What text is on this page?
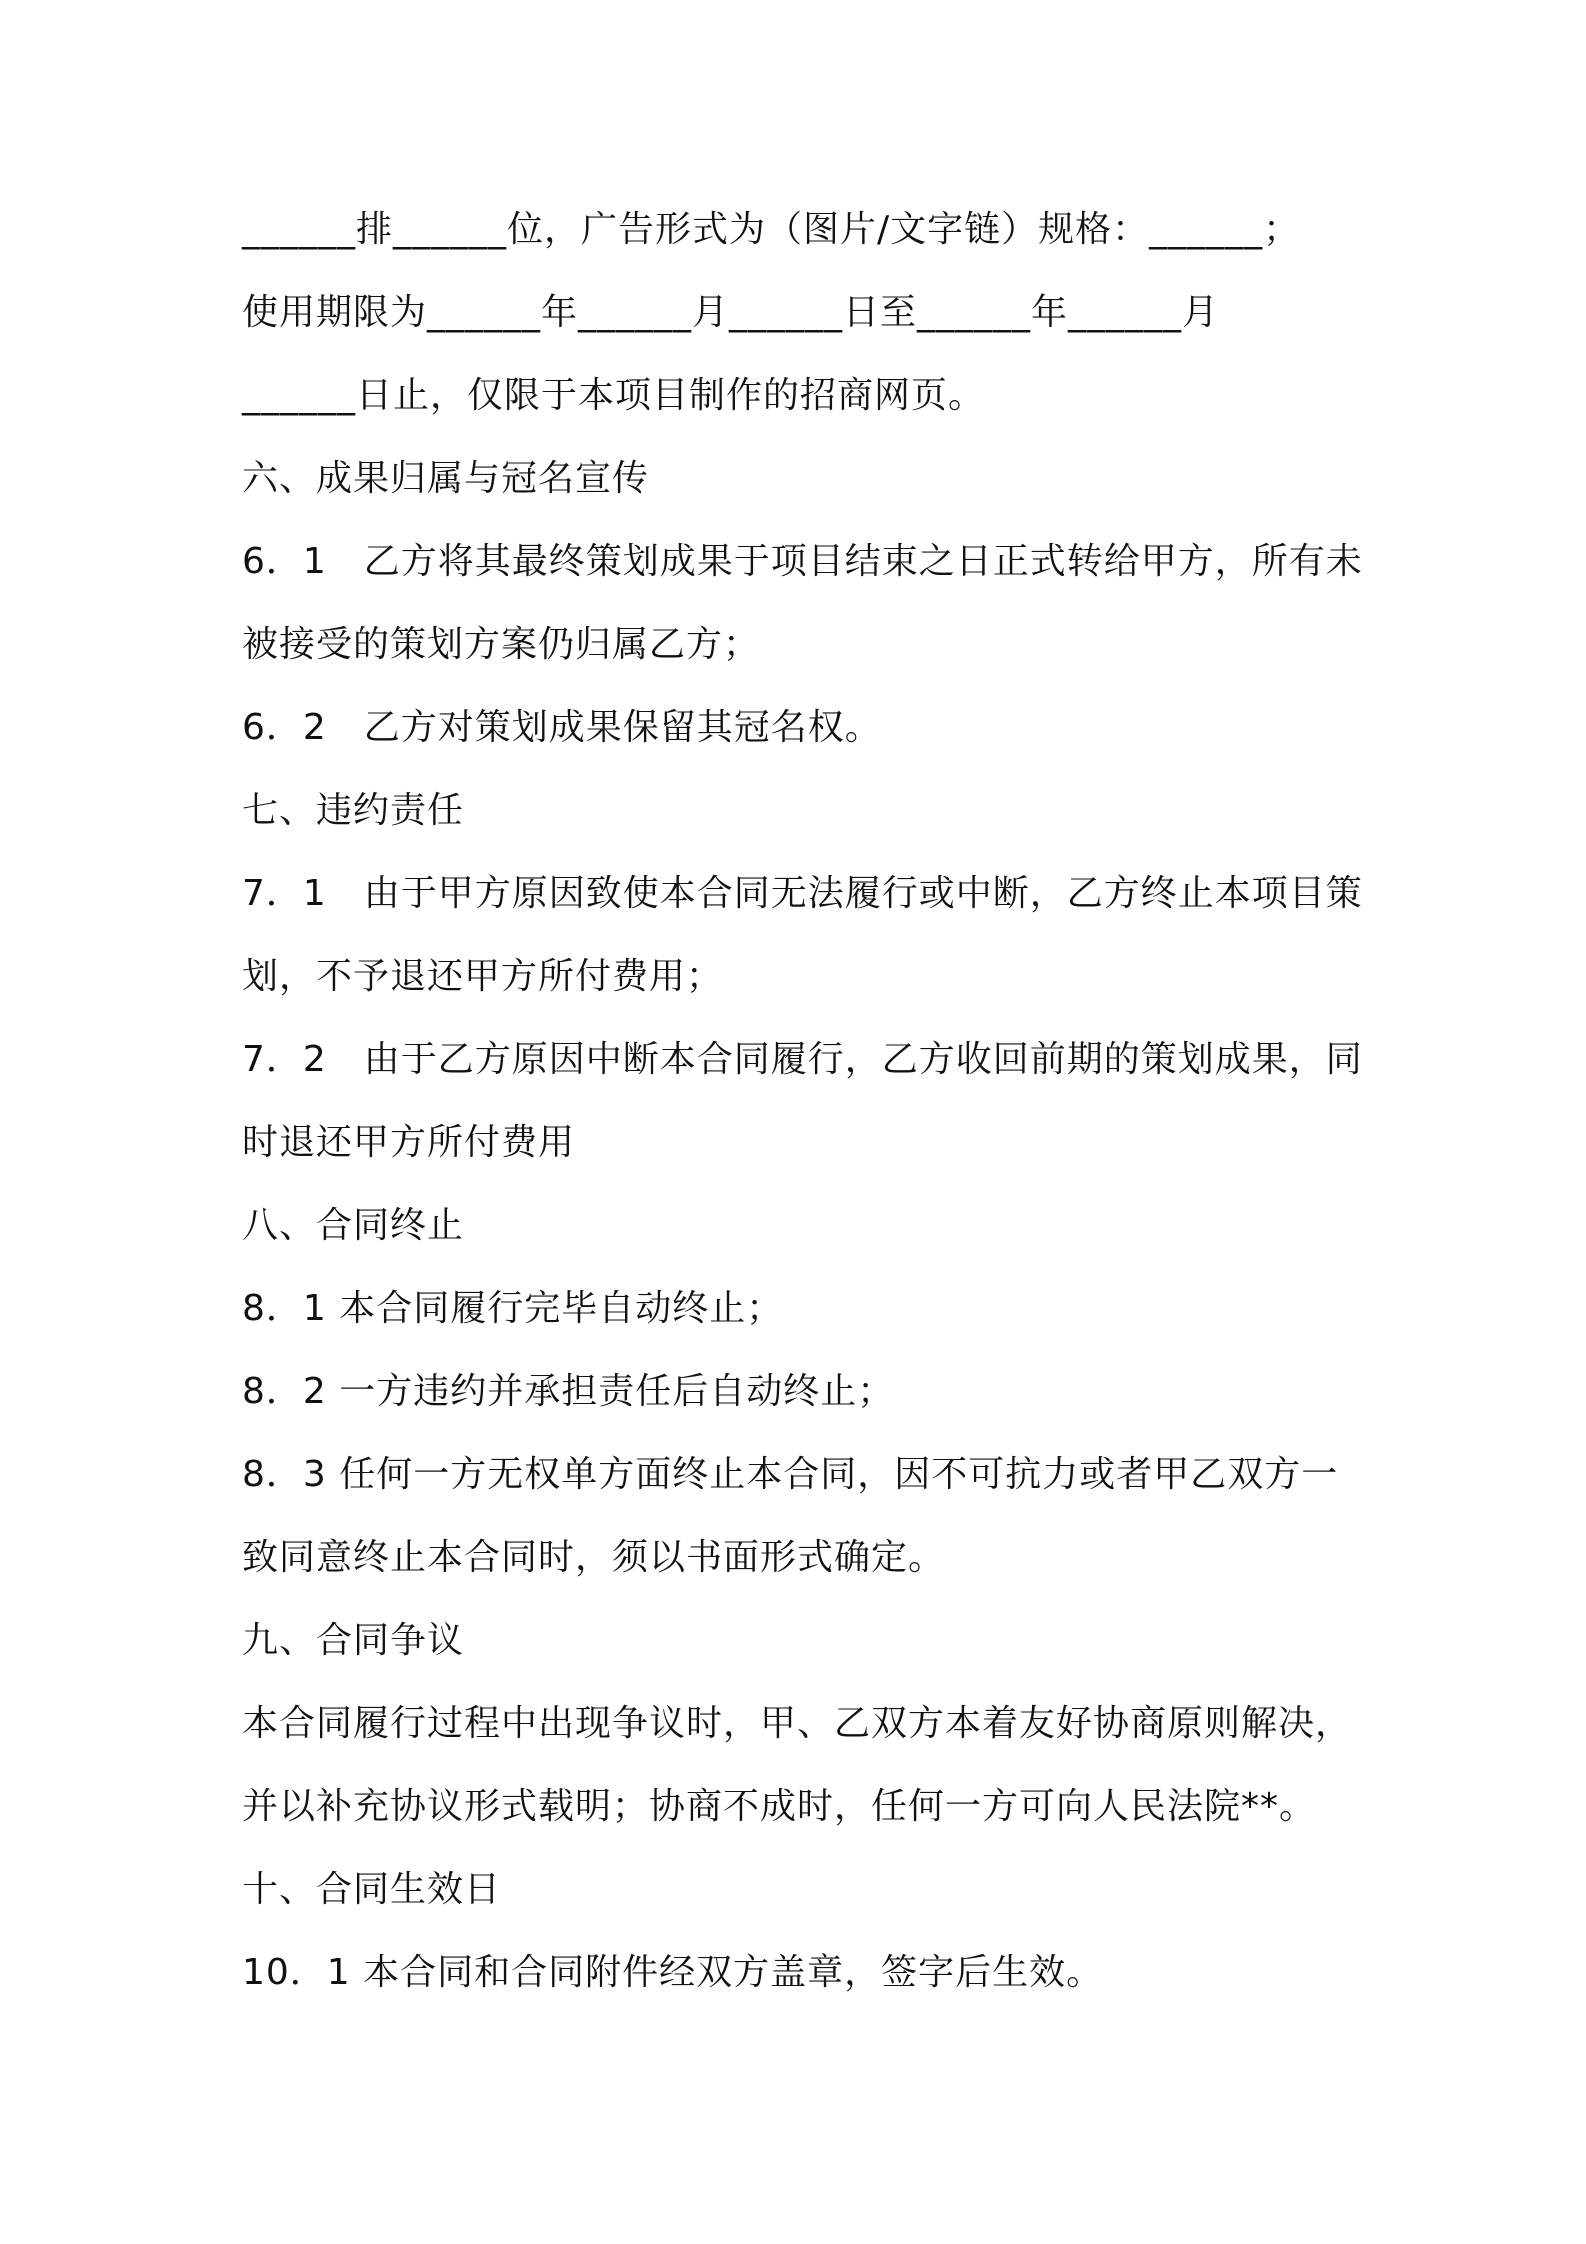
______排______位，广告形式为（图片/文字链）规格：______；
使用期限为______年______月______日至______年______月
______日止，仅限于本项目制作的招商网页。
六、成果归属与冠名宣传
6．1　乙方将其最终策划成果于项目结束之日正式转给甲方，所有未
被接受的策划方案仍归属乙方；
6．2　乙方对策划成果保留其冠名权。
七、违约责任
7．1　由于甲方原因致使本合同无法履行或中断，乙方终止本项目策
划，不予退还甲方所付费用；
7．2　由于乙方原因中断本合同履行，乙方收回前期的策划成果，同
时退还甲方所付费用
八、合同终止
8．1 本合同履行完毕自动终止；
8．2 一方违约并承担责任后自动终止；
8．3 任何一方无权单方面终止本合同，因不可抗力或者甲乙双方一
致同意终止本合同时，须以书面形式确定。
九、合同争议
本合同履行过程中出现争议时，甲、乙双方本着友好协商原则解决，
并以补充协议形式载明；协商不成时，任何一方可向人民法院**。
十、合同生效日
10．1 本合同和合同附件经双方盖章，签字后生效。
